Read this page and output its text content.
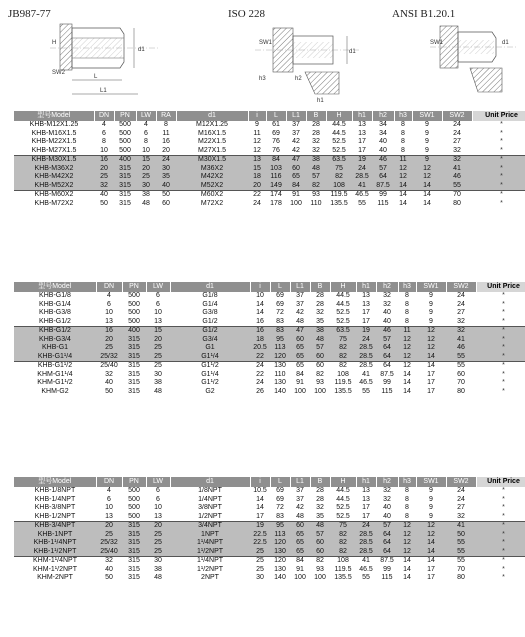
JB987-77	ISO 228	ANSI B1.20.1
d1
L
L1
H
SW2
d1
SW1
h2
h3
h1
d1
SW1
型号Model	DN	PN	LW	RA	d1	i	L	L1	B	H	h1	h2	h3	SW1	SW2	Unit Price
KHB-M12X1.25	4	500	4	8	M12X1.25	9	61	37	28	44.5	13	34	8	9	24	*
KHB-M16X1.5	6	500	6	11	M16X1.5	11	69	37	28	44.5	13	34	8	9	24	*
KHB-M22X1.5	8	500	8	16	M22X1.5	12	76	42	32	52.5	17	40	8	9	27	*
KHB-M27X1.5	10	500	10	20	M27X1.5	12	76	42	32	52.5	17	40	8	9	32	*
KHB-M30X1.5	16	400	15	24	M30X1.5	13	84	47	38	63.5	19	46	11	9	32	*
KHB-M36X2	20	315	20	30	M36X2	15	103	60	48	75	24	57	12	12	41	*
KHB-M42X2	25	315	25	35	M42X2	18	116	65	57	82	28.5	64	12	12	46	*
KHB-M52X2	32	315	30	40	M52X2	20	149	84	82	108	41	87.5	14	14	55	*
KHB-M60X2	40	315	38	50	M60X2	22	174	91	93	119.5	46.5	99	14	14	70	*
KHB-M72X2	50	315	48	60	M72X2	24	178	100	110	135.5	55	115	14	14	80	*
型号Model	DN	PN	LW	d1	i	L	L1	B	H	h1	h2	h3	SW1	SW2	Unit Price
KHB-G1/8	4	500	6	G1/8	10	69	37	28	44.5	13	32	8	9	24	*
KHB-G1/4	6	500	6	G1/4	14	69	37	28	44.5	13	32	8	9	24	*
KHB-G3/8	10	500	10	G3/8	14	72	42	32	52.5	17	40	8	9	27	*
KHB-G1/2	13	500	13	G1/2	16	83	48	35	52.5	17	40	8	9	32	*
KHB-G1/2	16	400	15	G1/2	16	83	47	38	63.5	19	46	11	12	32	*
KHB-G3/4	20	315	20	G3/4	18	95	60	48	75	24	57	12	12	41	*
KHB-G1	25	315	25	G1	20.5	113	65	57	82	28.5	64	12	12	46	*
KHB-G1¹/4	25/32	315	25	G1¹/4	22	120	65	60	82	28.5	64	12	14	55	*
KHB-G1¹/2	25/40	315	25	G1¹/2	24	130	65	60	82	28.5	64	12	14	55	*
KHM-G1¹/4	32	315	30	G1¹/4	22	110	84	82	108	41	87.5	14	17	60	*
KHM-G1¹/2	40	315	38	G1¹/2	24	130	91	93	119.5	46.5	99	14	17	70	*
KHM-G2	50	315	48	G2	26	140	100	100	135.5	55	115	14	17	80	*
型号Model	DN	PN	LW	d1	i	L	L1	B	H	h1	h2	h3	SW1	SW2	Unit Price
KHB-1/8NPT	4	500	6	1/8NPT	10.5	69	37	28	44.5	13	32	8	9	24	*
KHB-1/4NPT	6	500	6	1/4NPT	14	69	37	28	44.5	13	32	8	9	24	*
KHB-3/8NPT	10	500	10	3/8NPT	14	72	42	32	52.5	17	40	8	9	27	*
KHB-1/2NPT	13	500	13	1/2NPT	17	83	48	35	52.5	17	40	8	9	32	*
KHB-3/4NPT	20	315	20	3/4NPT	19	95	60	48	75	24	57	12	12	41	*
KHB-1NPT	25	315	25	1NPT	22.5	113	65	57	82	28.5	64	12	12	50	*
KHB-1¹/4NPT	25/32	315	25	1¹/4NPT	22.5	120	65	60	82	28.5	64	12	14	55	*
KHB-1¹/2NPT	25/40	315	25	1¹/2NPT	25	130	65	60	82	28.5	64	12	14	55	*
KHM-1¹/4NPT	32	315	30	1¹/4NPT	25	120	84	82	108	41	87.5	14	14	55	*
KHM-1¹/2NPT	40	315	38	1¹/2NPT	25	130	91	93	119.5	46.5	99	14	17	70	*
KHM-2NPT	50	315	48	2NPT	30	140	100	100	135.5	55	115	14	17	80	*
